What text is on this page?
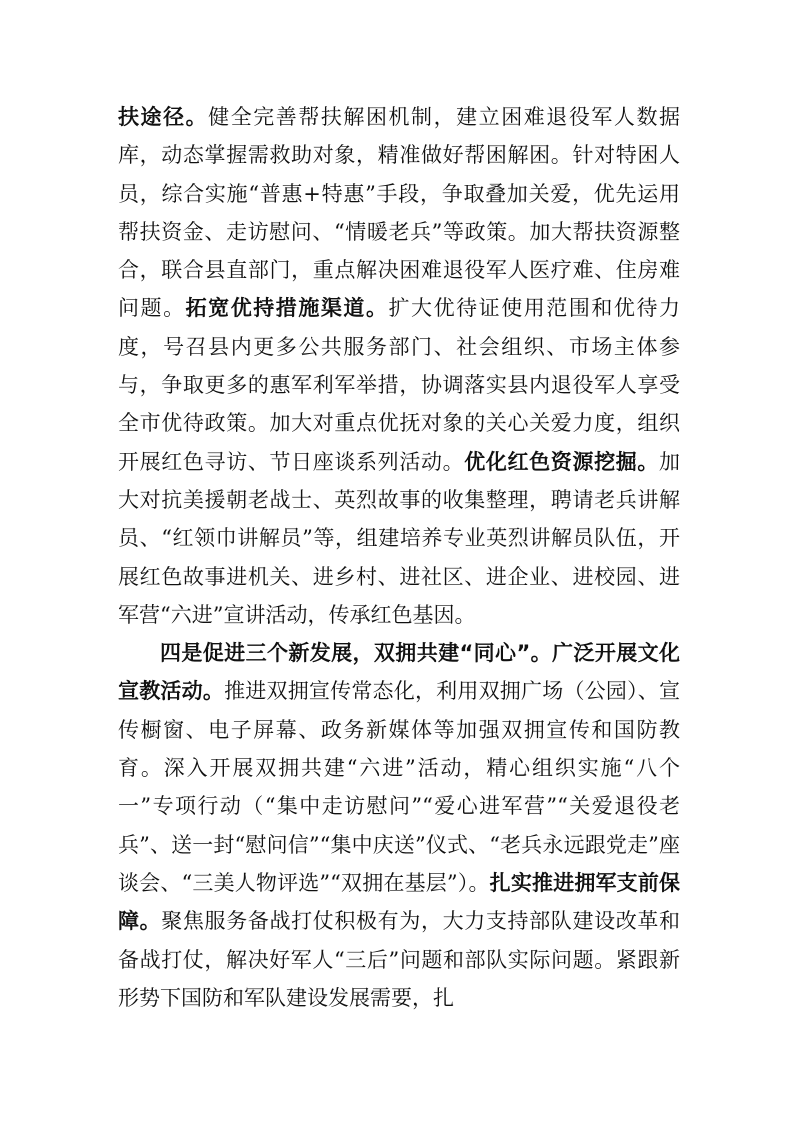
扶途径。健全完善帮扶解困机制，建立困难退役军人数据库，动态掌握需救助对象，精准做好帮困解困。针对特困人员，综合实施“普惠+特惠”手段，争取叠加关爱，优先运用帮扶资金、走访慰问、“情暖老兵”等政策。加大帮扶资源整合，联合县直部门，重点解决困难退役军人医疗难、住房难问题。拓宽优持措施渠道。扩大优待证使用范围和优待力度，号召县内更多公共服务部门、社会组织、市场主体参与，争取更多的惠军利军举措，协调落实县内退役军人享受全市优待政策。加大对重点优抚对象的关心关爱力度，组织开展红色寻访、节日座谈系列活动。优化红色资源挖掘。加大对抗美援朝老战士、英烈故事的收集整理，聘请老兵讲解员、“红领巾讲解员”等，组建培养专业英烈讲解员队伍，开展红色故事进机关、进乡村、进社区、进企业、进校园、进军营“六进”宣讲活动，传承红色基因。

四是促进三个新发展，双拥共建“同心”。广泛开展文化宣教活动。推进双拥宣传常态化，利用双拥广场（公园）、宣传橱窗、电子屏幕、政务新媒体等加强双拥宣传和国防教育。深入开展双拥共建“六进”活动，精心组织实施“八个一”专项行动（“集中走访慰问”“爱心进军营”“关爱退役老兵”、送一封“慰问信”“集中庆送”仪式、“老兵永远跟党走”座谈会、“三美人物评选”“双拥在基层”）。扎实推进拥军支前保障。聚焦服务备战打仗积极有为，大力支持部队建设改革和备战打仗，解决好军人“三后”问题和部队实际问题。紧跟新形势下国防和军队建设发展需要，扎
